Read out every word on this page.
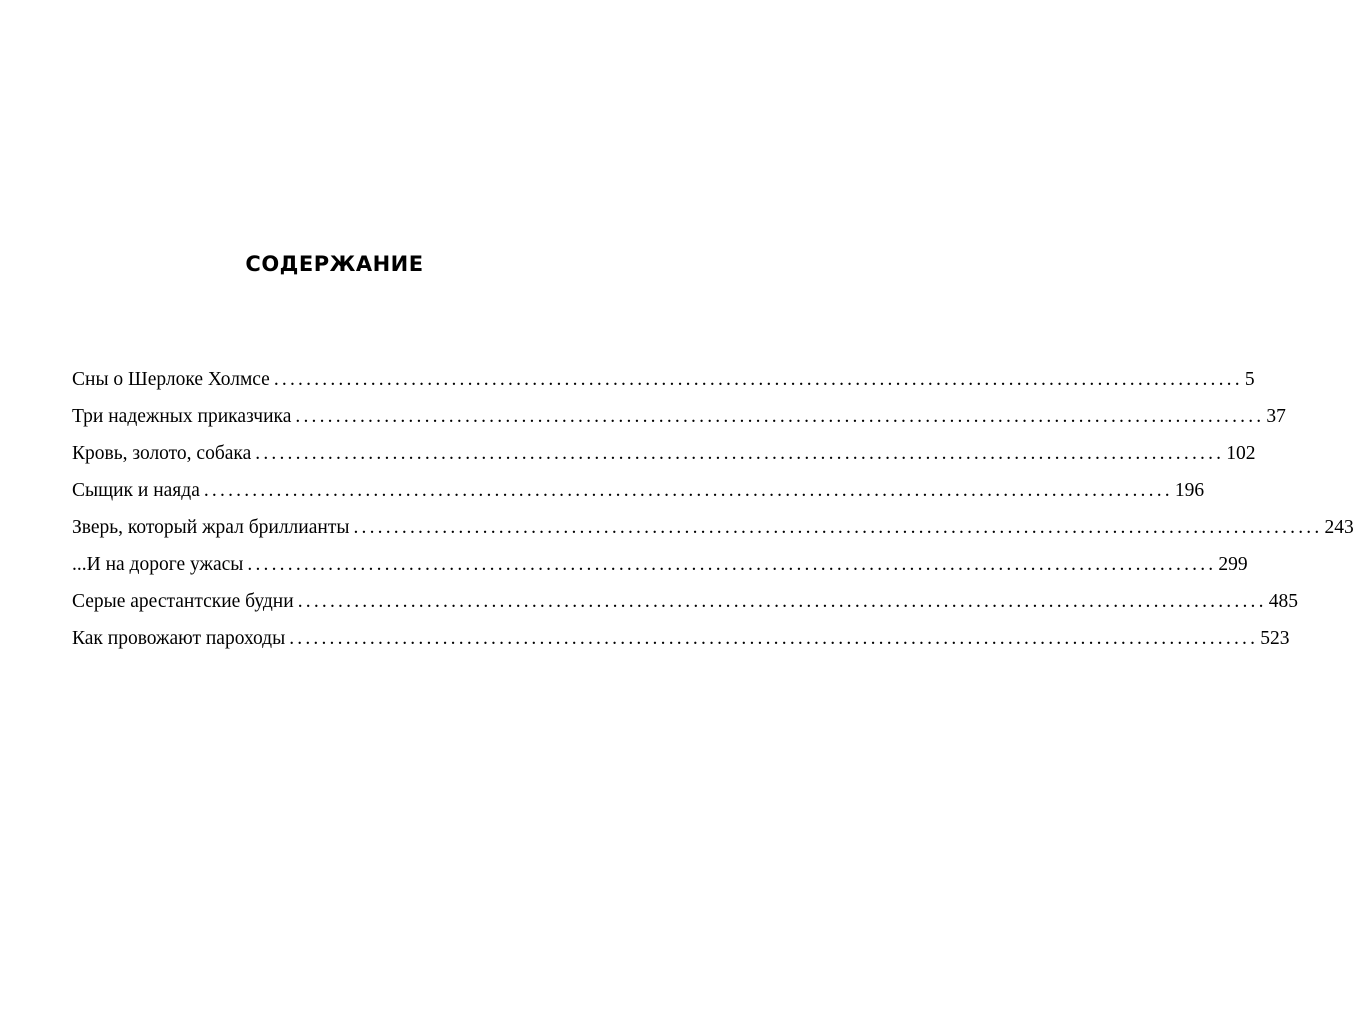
СОДЕРЖАНИЕ
Сны о Шерлоке Холмсе ........................................................................................................................ 5
Три надежных приказчика ........................................................................................................................ 37
Кровь, золото, собака ........................................................................................................................ 102
Сыщик и наяда ........................................................................................................................ 196
Зверь, который жрал бриллианты ........................................................................................................................ 243
...И на дороге ужасы ........................................................................................................................ 299
Серые арестантские будни ........................................................................................................................ 485
Как провожают пароходы ........................................................................................................................ 523
